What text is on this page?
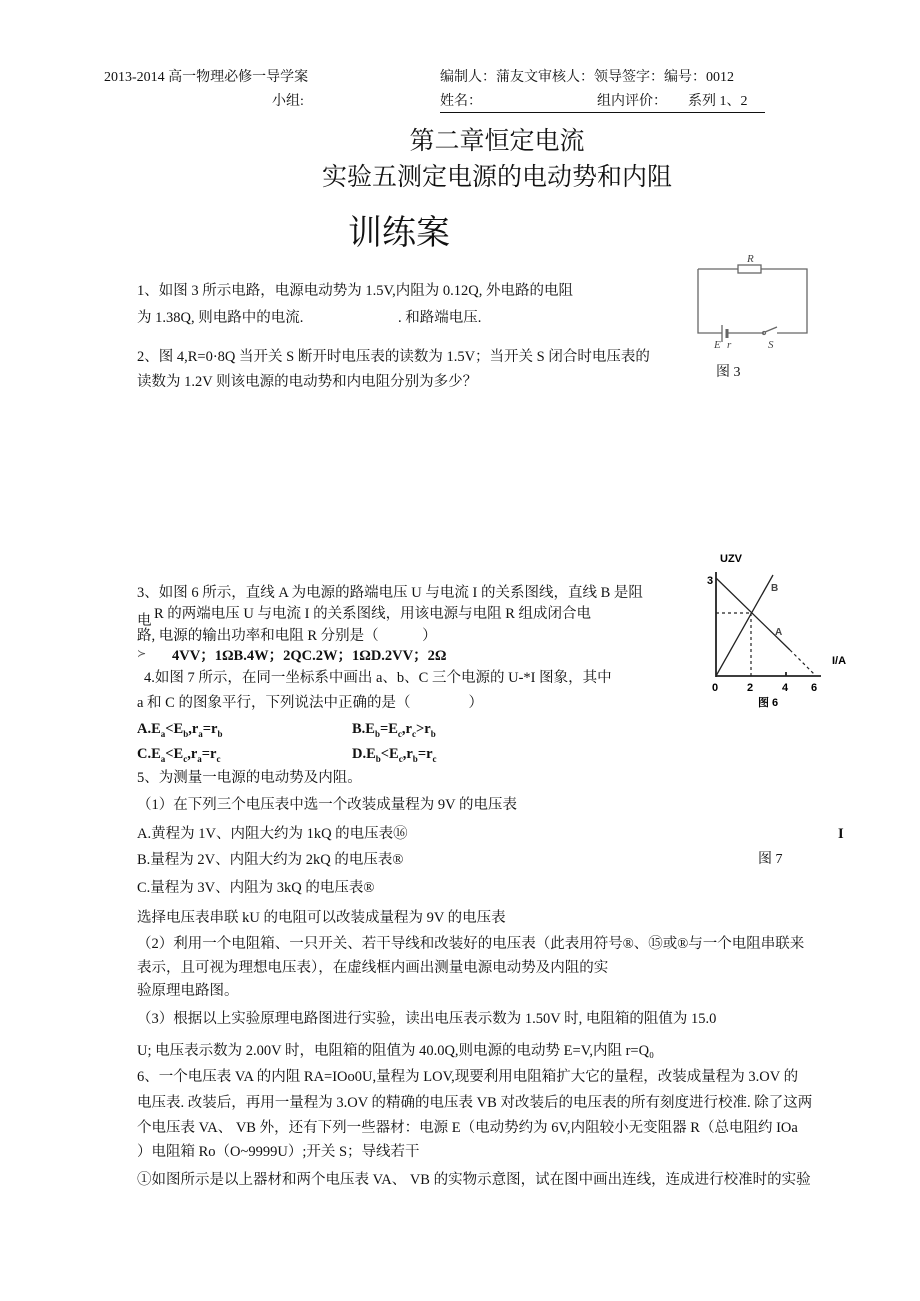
2013-2014 高一物理必修一导学案	编制人：蒲友文审核人：领导签字：编号：0012
小组:	姓名：	组内评价： 系列 1、2
第二章恒定电流
实验五测定电源的电动势和内阻
训练案
1、如图 3 所示电路，电源电动势为 1.5V,内阻为 0.12Q, 外电路的电阻
为 1.38Q, 则电路中的电流.	. 和路端电压.
2、图 4,R=0·8Q 当开关 S 断开时电压表的读数为 1.5V；当开关 S 闭合时电压表的
读数为 1.2V 则该电源的电动势和内电阻分别为多少？
R
E r	S
图 3
3、如图 6 所示，直线 A 为电源的路端电压 U 与电流 I 的关系图线，直线 B 是阻
电 R 的两端电压 U 与电流 I 的关系图线，用该电源与电阻 R 组成闭合电
路, 电源的输出功率和电阻 R 分别是（　　　）
≻ 4VV；1ΩB.4W；2QC.2W；1ΩD.2VV；2Ω
4.如图 7 所示，在同一坐标系中画出 a、b、C 三个电源的 U-*I 图象，其中
a 和 C 的图象平行，下列说法中正确的是（　　　　）
$A.E_a<E_b,r_a=r_b$	$B.E_b=E_c,r_c>r_b$
$C.E_a<E_c,r_a=r_c$	$D.E_b<E_c,r_b=r_c$
UZV
I/A
3
0	2	4 6
A
B
图 6
5、为测量一电源的电动势及内阻。
（1）在下列三个电压表中选一个改装成量程为 9V 的电压表
A.黄程为 1V、内阻大约为 1kQ 的电压表⑯	I
B.量程为 2V、内阻大约为 2kQ 的电压表®	图 7
C.量程为 3V、内阻为 3kQ 的电压表®
选择电压表串联 kU 的电阻可以改装成量程为 9V 的电压表
（2）利用一个电阻箱、一只开关、若干导线和改装好的电压表（此表用符号®、⑮或®与一个电阻串联来
表示，且可视为理想电压表），在虚线框内画出测量电源电动势及内阻的实
验原理电路图。
（3）根据以上实验原理电路图进行实验，读出电压表示数为 1.50V 时, 电阻箱的阻值为 15.0
U; 电压表示数为 2.00V 时，电阻箱的阻值为 40.0Q,则电源的电动势 E=V,内阻 r=Q₀
6、一个电压表 VA 的内阻 RA=IOo0U,量程为 LOV,现要利用电阻箱扩大它的量程，改装成量程为 3.OV 的
电压表. 改装后，再用一量程为 3.OV 的精确的电压表 VB 对改装后的电压表的所有刻度进行校准. 除了这两
个电压表 VA、 VB 外，还有下列一些器材：电源 E（电动势约为 6V,内阻较小无变阻器 R（总电阻约 IOa
）电阻箱 Ro（O~9999U）;开关 S；导线若干
①如图所示是以上器材和两个电压表 VA、 VB 的实物示意图，试在图中画出连线，连成进行校准时的实验
